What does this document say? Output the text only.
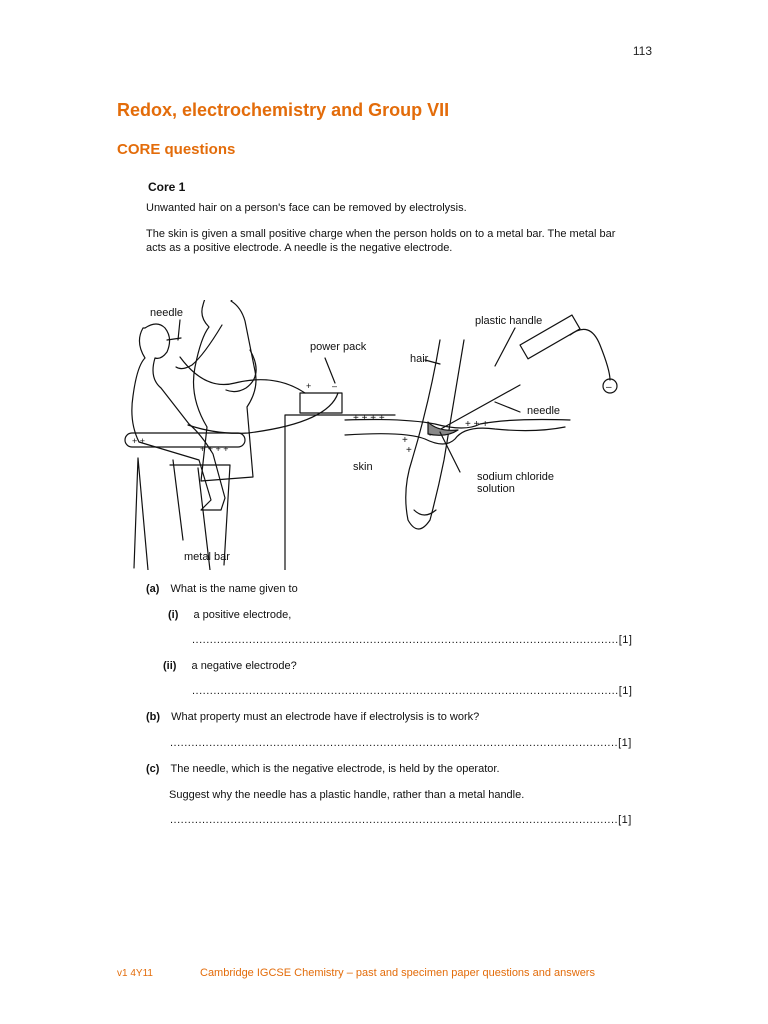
113
Redox, electrochemistry and Group VII
CORE questions
Core 1
Unwanted hair on a person's face can be removed by electrolysis.
The skin is given a small positive charge when the person holds on to a metal bar. The metal bar acts as a positive electrode. A needle is the negative electrode.
+ +
+ + + +
+ –	–
+ + + +
+ + +
+
+
needle
power pack
plastic handle
hair
needle
skin
sodium chloride
solution
metal bar
(a) What is the name given to
(i) a positive electrode,
........................................................................................................................[1]
(ii) a negative electrode?
........................................................................................................................[1]
(b) What property must an electrode have if electrolysis is to work?
..............................................................................................................................[1]
(c) The needle, which is the negative electrode, is held by the operator.
Suggest why the needle has a plastic handle, rather than a metal handle.
..............................................................................................................................[1]
v1 4Y11	Cambridge IGCSE Chemistry – past and specimen paper questions and answers
